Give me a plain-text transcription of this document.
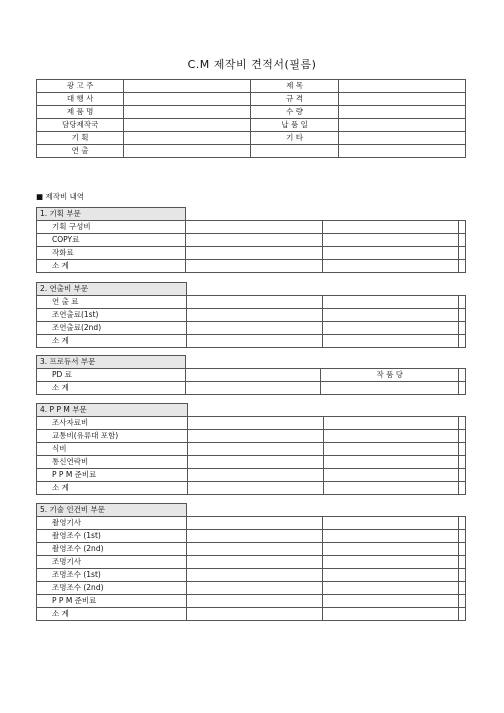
C.M 제작비 견적서(필름)
광 고 주		제 목	
대 행 사		규 격	
제 품 명		수 량	
담당제작국		납 품 일	
기 획		기 타	
연 출			
■ 제작비 내역
1. 기획 부문			
기획 구성비			
COPY료			
작화료			
소 계			
2. 연출비 부문			
연 출 료			
조연출료(1st)			
조연출료(2nd)			
소 계			
3. 프로듀서 부문			
PD 료		작 품 당	
소 계			
4. P P M 부문			
조사자료비			
교통비(유류대 포함)			
식비			
통신연락비			
P P M 준비료			
소 계			
5. 기술 인건비 부문			
촬영기사			
촬영조수 (1st)			
촬영조수 (2nd)			
조명기사			
조명조수 (1st)			
조명조수 (2nd)			
P P M 준비료			
소 계			
